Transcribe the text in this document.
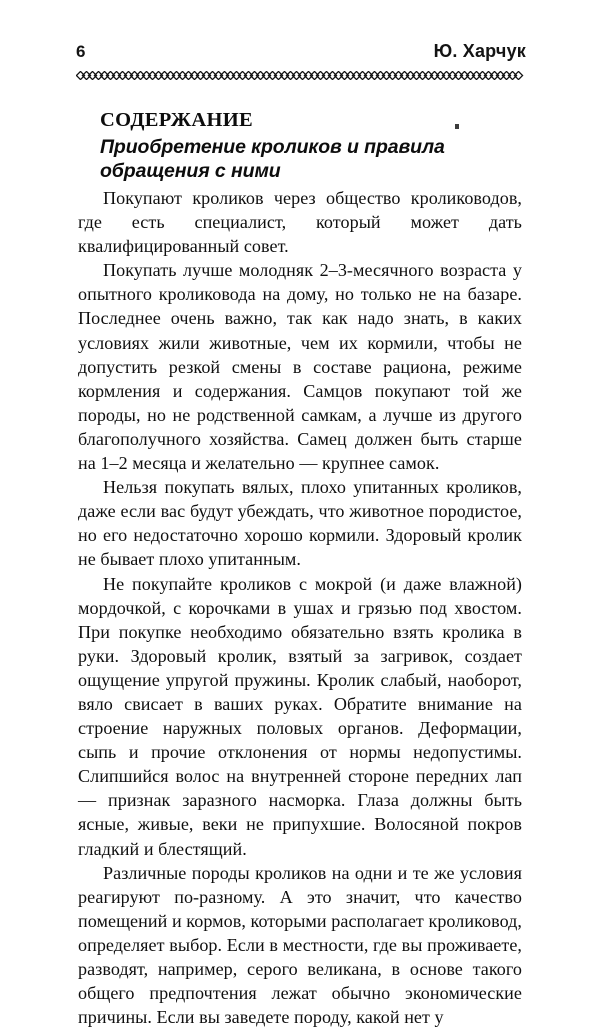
6	Ю. Харчук
СОДЕРЖАНИЕ
Приобретение кроликов и правила обращения с ними

Покупают кроликов через общество кролиководов, где есть специалист, который может дать квалифицированный совет.

Покупать лучше молодняк 2–3-месячного возраста у опытного кроликовода на дому, но только не на базаре. Последнее очень важно, так как надо знать, в каких условиях жили животные, чем их кормили, чтобы не допустить резкой смены в составе рациона, режиме кормления и содержания. Самцов покупают той же породы, но не родственной самкам, а лучше из другого благополучного хозяйства. Самец должен быть старше на 1–2 месяца и желательно — крупнее самок.

Нельзя покупать вялых, плохо упитанных кроликов, даже если вас будут убеждать, что животное породистое, но его недостаточно хорошо кормили. Здоровый кролик не бывает плохо упитанным.

Не покупайте кроликов с мокрой (и даже влажной) мордочкой, с корочками в ушах и грязью под хвостом. При покупке необходимо обязательно взять кролика в руки. Здоровый кролик, взятый за загривок, создает ощущение упругой пружины. Кролик слабый, наоборот, вяло свисает в ваших руках. Обратите внимание на строение наружных половых органов. Деформации, сыпь и прочие отклонения от нормы недопустимы. Слипшийся волос на внутренней стороне передних лап — признак заразного насморка. Глаза должны быть ясные, живые, веки не припухшие. Волосяной покров гладкий и блестящий.

Различные породы кроликов на одни и те же условия реагируют по-разному. А это значит, что качество помещений и кормов, которыми располагает кроликовод, определяет выбор. Если в местности, где вы проживаете, разводят, например, серого великана, в основе такого общего предпочтения лежат обычно экономические причины. Если вы заведете породу, какой нет у
